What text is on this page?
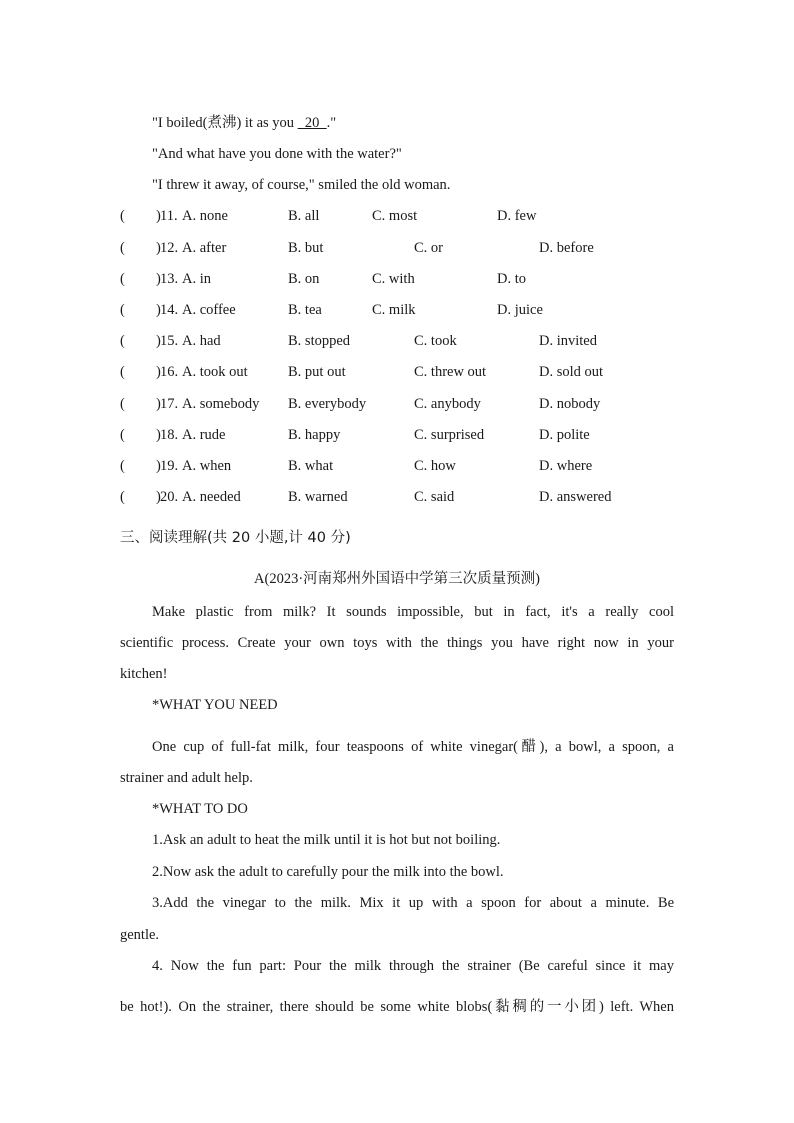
"I boiled(煮沸) it as you   20  ."
"And what have you done with the water?"
"I threw it away, of course," smiled the old woman.
( ) 11. A. none	B. all	C. most	D. few
( ) 12. A. after	B. but	C. or	D. before
( ) 13. A. in	B. on	C. with	D. to
( ) 14. A. coffee	B. tea	C. milk	D. juice
( ) 15. A. had	B. stopped	C. took	D. invited
( ) 16. A. took out	B. put out	C. threw out	D. sold out
( ) 17. A. somebody B. everybody	C. anybody	D. nobody
( ) 18. A. rude	B. happy	C. surprised	D. polite
( ) 19. A. when	B. what	C. how	D. where
( ) 20. A. needed	B. warned	C. said	D. answered
三、阅读理解(共 20 小题,计 40 分)
A(2023·河南郑州外国语中学第三次质量预测)
Make plastic from milk? It sounds impossible, but in fact, it's a really cool
scientific process. Create your own toys with the things you have right now in your
kitchen!
*WHAT YOU NEED
One cup of full-fat milk, four teaspoons of white vinegar(醋), a bowl, a spoon, a
strainer and adult help.
*WHAT TO DO
1.Ask an adult to heat the milk until it is hot but not boiling.
2.Now ask the adult to carefully pour the milk into the bowl.
3.Add the vinegar to the milk. Mix it up with a spoon for about a minute. Be
gentle.
4. Now the fun part: Pour the milk through the strainer (Be careful since it may
be hot!). On the strainer, there should be some white blobs(黏稠的一小团) left. When
